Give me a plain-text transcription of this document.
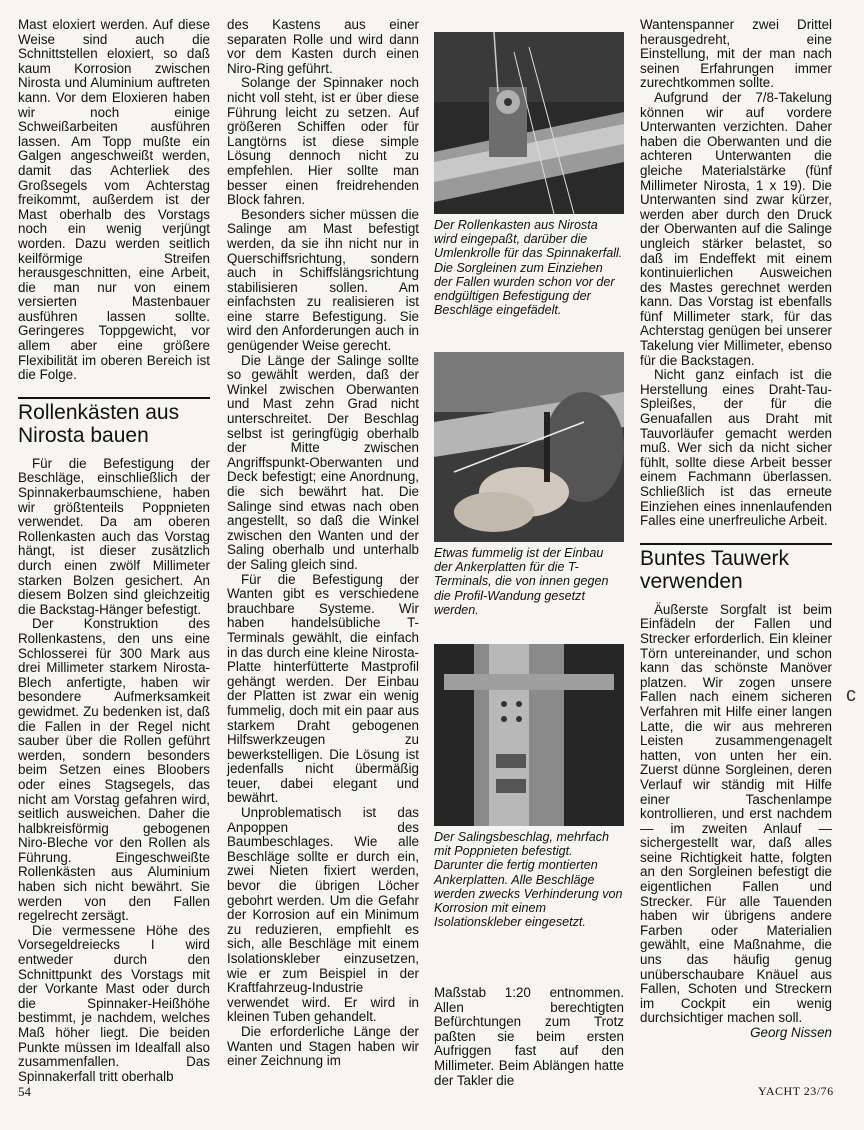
Mast eloxiert werden. Auf diese Weise sind auch die Schnittstellen eloxiert, so daß kaum Korrosion zwischen Nirosta und Aluminium auftreten kann. Vor dem Eloxieren haben wir noch einige Schweißarbeiten ausführen lassen. Am Topp mußte ein Galgen angeschweißt werden, damit das Achterliek des Großsegels vom Achterstag freikommt, außerdem ist der Mast oberhalb des Vorstags noch ein wenig verjüngt worden. Dazu werden seitlich keilförmige Streifen herausgeschnitten, eine Arbeit, die man nur von einem versierten Mastenbauer ausführen lassen sollte. Geringeres Toppgewicht, vor allem aber eine größere Flexibilität im oberen Bereich ist die Folge.

Rollenkästen aus Nirosta bauen

Für die Befestigung der Beschläge, einschließlich der Spinnakerbaumschiene, haben wir größtenteils Poppnieten verwendet. Da am oberen Rollenkasten auch das Vorstag hängt, ist dieser zusätzlich durch einen zwölf Millimeter starken Bolzen gesichert. An diesem Bolzen sind gleichzeitig die Backstag-Hänger befestigt.

Der Konstruktion des Rollenkastens, den uns eine Schlosserei für 300 Mark aus drei Millimeter starkem Nirosta-Blech anfertigte, haben wir besondere Aufmerksamkeit gewidmet. Zu bedenken ist, daß die Fallen in der Regel nicht sauber über die Rollen geführt werden, sondern besonders beim Setzen eines Bloobers oder eines Stagsegels, das nicht am Vorstag gefahren wird, seitlich ausweichen. Daher die halbkreisförmig gebogenen Niro-Bleche vor den Rollen als Führung. Eingeschweißte Rollenkästen aus Aluminium haben sich nicht bewährt. Sie werden von den Fallen regelrecht zersägt.

Die vermessene Höhe des Vorsegeldreiecks I wird entweder durch den Schnittpunkt des Vorstags mit der Vorkante Mast oder durch die Spinnaker-Heißhöhe bestimmt, je nachdem, welches Maß höher liegt. Die beiden Punkte müssen im Idealfall also zusammenfallen. Das Spinnakerfall tritt oberhalb

des Kastens aus einer separaten Rolle und wird dann vor dem Kasten durch einen Niro-Ring geführt.

Solange der Spinnaker noch nicht voll steht, ist er über diese Führung leicht zu setzen. Auf größeren Schiffen oder für Langtörns ist diese simple Lösung dennoch nicht zu empfehlen. Hier sollte man besser einen freidrehenden Block fahren.

Besonders sicher müssen die Salinge am Mast befestigt werden, da sie ihn nicht nur in Querschiffsrichtung, sondern auch in Schiffslängsrichtung stabilisieren sollen. Am einfachsten zu realisieren ist eine starre Befestigung. Sie wird den Anforderungen auch in genügender Weise gerecht.

Die Länge der Salinge sollte so gewählt werden, daß der Winkel zwischen Oberwanten und Mast zehn Grad nicht unterschreitet. Der Beschlag selbst ist geringfügig oberhalb der Mitte zwischen Angriffspunkt-Oberwanten und Deck befestigt; eine Anordnung, die sich bewährt hat. Die Salinge sind etwas nach oben angestellt, so daß die Winkel zwischen den Wanten und der Saling oberhalb und unterhalb der Saling gleich sind.

Für die Befestigung der Wanten gibt es verschiedene brauchbare Systeme. Wir haben handelsübliche T-Terminals gewählt, die einfach in das durch eine kleine Nirosta-Platte hinterfütterte Mastprofil gehängt werden. Der Einbau der Platten ist zwar ein wenig fummelig, doch mit ein paar aus starkem Draht gebogenen Hilfswerkzeugen zu bewerkstelligen. Die Lösung ist jedenfalls nicht übermäßig teuer, dabei elegant und bewährt.

Unproblematisch ist das Anpoppen des Baumbeschlages. Wie alle Beschläge sollte er durch ein, zwei Nieten fixiert werden, bevor die übrigen Löcher gebohrt werden. Um die Gefahr der Korrosion auf ein Minimum zu reduzieren, empfiehlt es sich, alle Beschläge mit einem Isolationskleber einzusetzen, wie er zum Beispiel in der Kraftfahrzeug-Industrie verwendet wird. Er wird in kleinen Tuben gehandelt.

Die erforderliche Länge der Wanten und Stagen haben wir einer Zeichnung im

Der Rollenkasten aus Nirosta wird eingepaßt, darüber die Umlenkrolle für das Spinnakerfall. Die Sorgleinen zum Einziehen der Fallen wurden schon vor der endgültigen Befestigung der Beschläge eingefädelt.
Etwas fummelig ist der Einbau der Ankerplatten für die T-Terminals, die von innen gegen die Profil-Wandung gesetzt werden.
Der Salingsbeschlag, mehrfach mit Poppnieten befestigt. Darunter die fertig montierten Ankerplatten. Alle Beschläge werden zwecks Verhinderung von Korrosion mit einem Isolationskleber eingesetzt.

Maßstab 1:20 entnommen. Allen berechtigten Befürchtungen zum Trotz paßten sie beim ersten Aufriggen fast auf den Millimeter. Beim Ablängen hatte der Takler die

Wantenspanner zwei Drittel herausgedreht, eine Einstellung, mit der man nach seinen Erfahrungen immer zurechtkommen sollte.

Aufgrund der 7/8-Takelung können wir auf vordere Unterwanten verzichten. Daher haben die Oberwanten und die achteren Unterwanten die gleiche Materialstärke (fünf Millimeter Nirosta, 1 x 19). Die Unterwanten sind zwar kürzer, werden aber durch den Druck der Oberwanten auf die Salinge ungleich stärker belastet, so daß im Endeffekt mit einem kontinuierlichen Ausweichen des Mastes gerechnet werden kann. Das Vorstag ist ebenfalls fünf Millimeter stark, für das Achterstag genügen bei unserer Takelung vier Millimeter, ebenso für die Backstagen.

Nicht ganz einfach ist die Herstellung eines Draht-Tau-Spleißes, der für die Genuafallen aus Draht mit Tauvorläufer gemacht werden muß. Wer sich da nicht sicher fühlt, sollte diese Arbeit besser einem Fachmann überlassen. Schließlich ist das erneute Einziehen eines innenlaufenden Falles eine unerfreuliche Arbeit.

Buntes Tauwerk verwenden

Äußerste Sorgfalt ist beim Einfädeln der Fallen und Strecker erforderlich. Ein kleiner Törn untereinander, und schon kann das schönste Manöver platzen. Wir zogen unsere Fallen nach einem sicheren Verfahren mit Hilfe einer langen Latte, die wir aus mehreren Leisten zusammengenagelt hatten, von unten her ein. Zuerst dünne Sorgleinen, deren Verlauf wir ständig mit Hilfe einer Taschenlampe kontrollieren, und erst nachdem — im zweiten Anlauf — sichergestellt war, daß alles seine Richtigkeit hatte, folgten an den Sorgleinen befestigt die eigentlichen Fallen und Strecker. Für alle Tauenden haben wir übrigens andere Farben oder Materialien gewählt, eine Maßnahme, die uns das häufig genug unüberschaubare Knäuel aus Fallen, Schoten und Streckern im Cockpit ein wenig durchsichtiger machen soll.

Georg Nissen

54	YACHT 23/76
c
